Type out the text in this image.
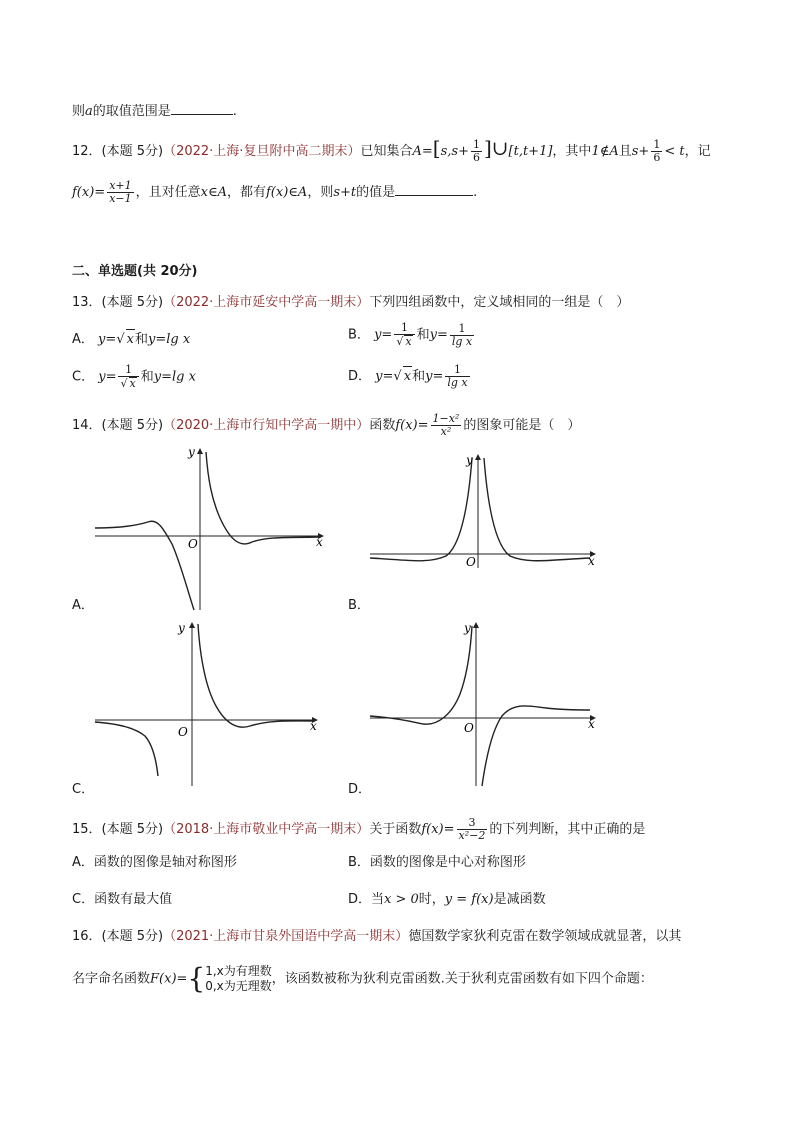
则a的取值范围是	.
12．(本题 5分)（2022·上海·复旦附中高二期末）已知集合$A=[s,s+ \frac{1}{6}$ ]∪[t,t+1]，其中1∉A且$s+ \frac{1}{6} < t$，记
$f(x)= \frac{x+1}{x-1}$ ，且对任意x∈A，都有f(x)∈A，则s+t的值是	.
二、单选题(共 20分)
13．(本题 5分)（2022·上海市延安中学高一期末）下列四组函数中，定义域相同的一组是（　）
A． y=√ x和y=lg x	B． $y= \frac{1}{√ x}$ 和$y= \frac{1}{\text{lg x}}$
C． $y= \frac{1}{√ x}$ 和y=lg x	D． y=√ x和$y= \frac{1}{\text{lg x}}$
14．(本题 5分)（2020·上海市行知中学高一期中）函数$f(x)= \frac{\text{1−x²}}{\text{x²}}$ 的图象可能是（　）
x
y
O
A．
x
y
O
B．
x
y
O
C．
x
y
O
D．
15．(本题 5分)（2018·上海市敬业中学高一期末）关于函数$f(x)= \frac{3}{\text{x²−2}}$ 的下列判断，其中正确的是
A．函数的图像是轴对称图形	B．函数的图像是中心对称图形
C．函数有最大值	D．当x > 0时，y = f(x)是减函数
16．(本题 5分)（2021·上海市甘泉外国语中学高一期末）德国数学家狄利克雷在数学领域成就显著，以其
名字命名函数F(x)={ 1,x为有理数
0,x为无理数 ，该函数被称为狄利克雷函数.关于狄利克雷函数有如下四个命题：
